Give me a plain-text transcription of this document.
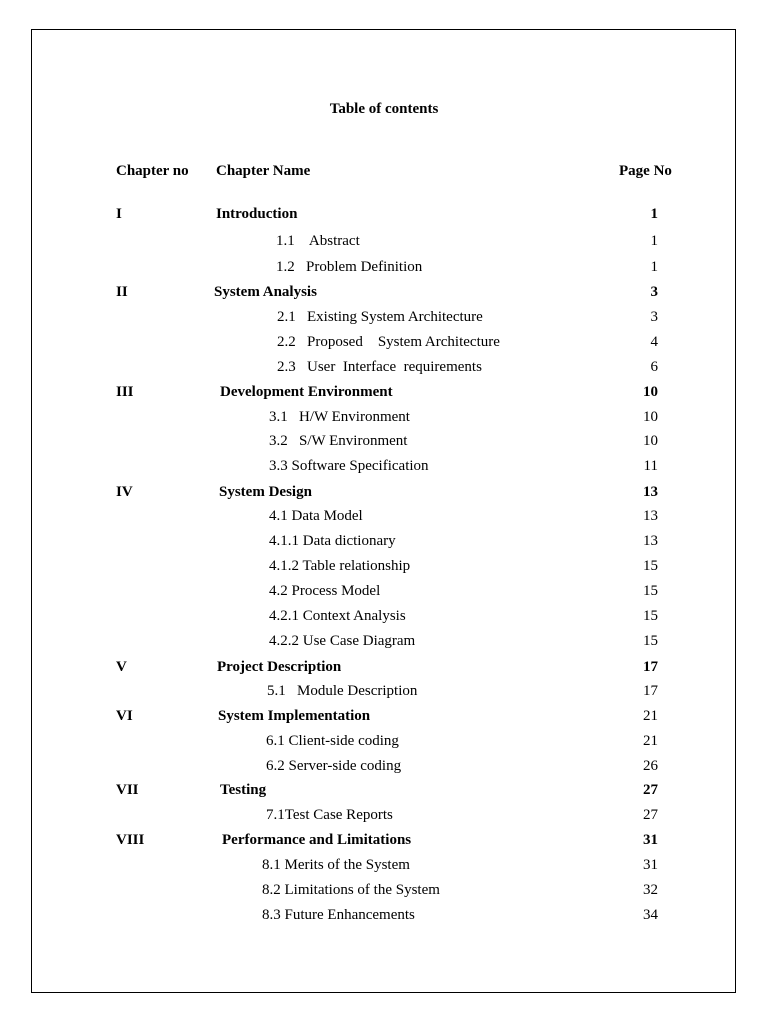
Table of contents
Chapter no Chapter Name	Page No
I	Introduction	1
1.1    Abstract	1
1.2   Problem Definition	1
II	System Analysis	3
2.1   Existing System Architecture	3
2.2   Proposed    System Architecture	4
2.3   User  Interface  requirements	6
III	Development Environment	10
3.1   H/W Environment	10
3.2   S/W Environment	10
3.3 Software Specification	11
IV	System Design	13
4.1 Data Model	13
4.1.1 Data dictionary	13
4.1.2 Table relationship	15
4.2 Process Model	15
4.2.1 Context Analysis	15
4.2.2 Use Case Diagram	15
V	Project Description	17
5.1   Module Description	17
VI	System Implementation	21
6.1 Client-side coding	21
6.2 Server-side coding	26
VII	Testing	27
7.1Test Case Reports	27
VIII	Performance and Limitations	31
8.1 Merits of the System	31
8.2 Limitations of the System	32
8.3 Future Enhancements	34
